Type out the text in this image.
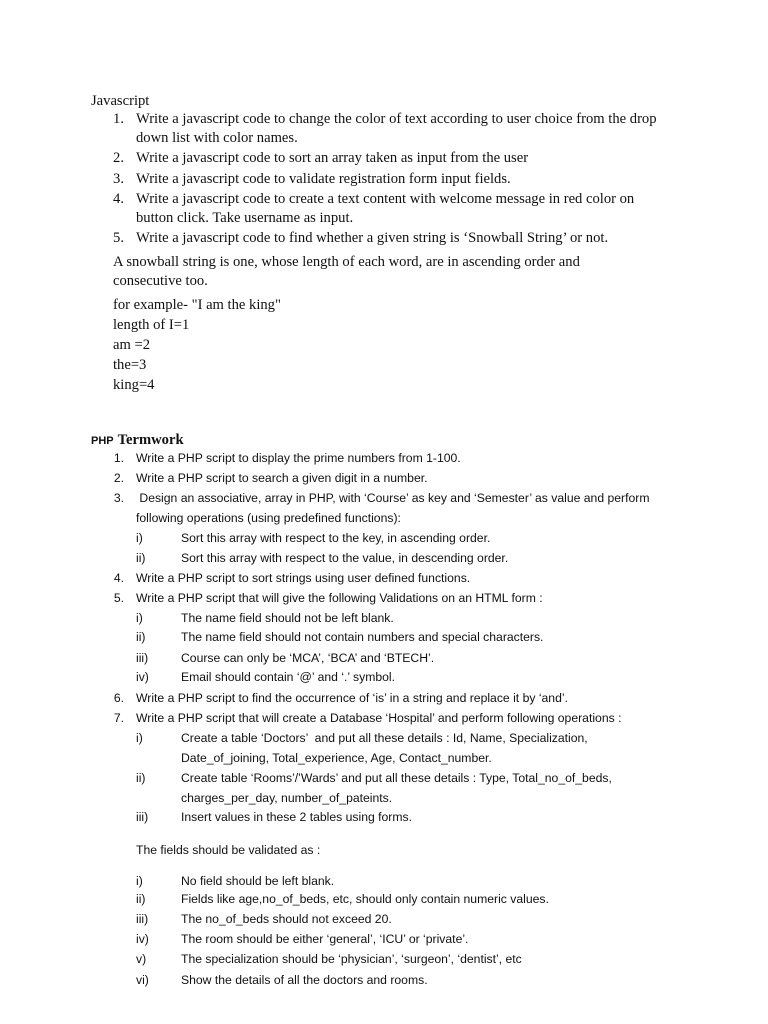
Javascript
1. Write a javascript code to change the color of text according to user choice from the drop
down list with color names.
2. Write a javascript code to sort an array taken as input from the user
3. Write a javascript code to validate registration form input fields.
4. Write a javascript code to create a text content with welcome message in red color on
button click. Take username as input.
5. Write a javascript code to find whether a given string is ‘Snowball String’ or not.
A snowball string is one, whose length of each word, are in ascending order and
consecutive too.
for example- "I am the king"
length of I=1
am =2
the=3
king=4
PHP Termwork
1. Write a PHP script to display the prime numbers from 1-100.
2. Write a PHP script to search a given digit in a number.
3. Design an associative, array in PHP, with ‘Course’ as key and ‘Semester’ as value and perform
following operations (using predefined functions):
i)	Sort this array with respect to the key, in ascending order.
ii)	Sort this array with respect to the value, in descending order.
4. Write a PHP script to sort strings using user defined functions.
5. Write a PHP script that will give the following Validations on an HTML form :
i)	The name field should not be left blank.
ii)	The name field should not contain numbers and special characters.
iii)	Course can only be ‘MCA’, ‘BCA’ and ‘BTECH’.
iv)	Email should contain ‘@’ and ‘.’ symbol.
6. Write a PHP script to find the occurrence of ‘is’ in a string and replace it by ‘and’.
7. Write a PHP script that will create a Database ‘Hospital’ and perform following operations :
i)	Create a table ‘Doctors’  and put all these details : Id, Name, Specialization,
Date_of_joining, Total_experience, Age, Contact_number.
ii)	Create table ‘Rooms’/’Wards’ and put all these details : Type, Total_no_of_beds,
charges_per_day, number_of_pateints.
iii)	Insert values in these 2 tables using forms.
The fields should be validated as :
i)	No field should be left blank.
ii)	Fields like age,no_of_beds, etc, should only contain numeric values.
iii)	The no_of_beds should not exceed 20.
iv)	The room should be either ‘general’, ‘ICU’ or ‘private’.
v)	The specialization should be ‘physician’, ‘surgeon’, ‘dentist’, etc
vi)	Show the details of all the doctors and rooms.
